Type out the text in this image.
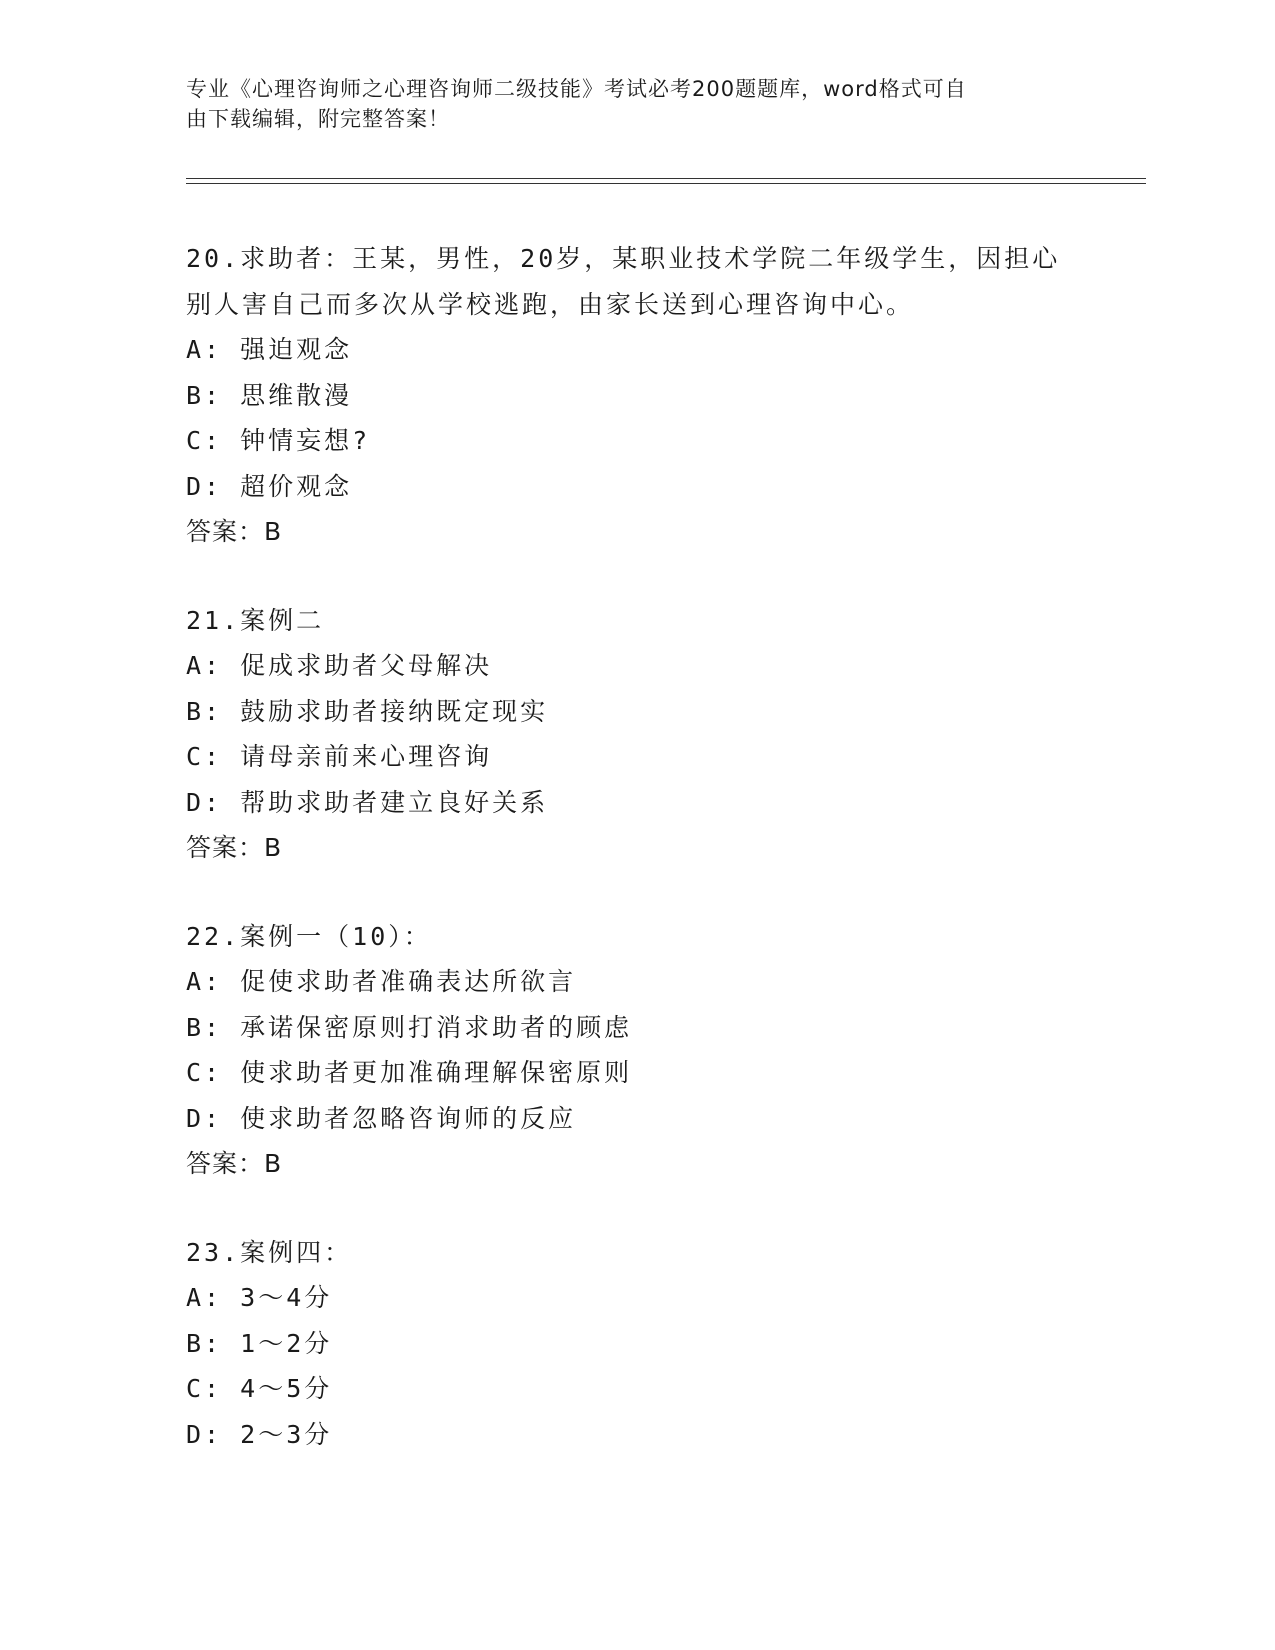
专业《心理咨询师之心理咨询师二级技能》考试必考200题题库，word格式可自

由下载编辑，附完整答案！

20.求助者：王某，男性，20岁，某职业技术学院二年级学生，因担心
别人害自己而多次从学校逃跑，由家长送到心理咨询中心。
A: 强迫观念
B: 思维散漫
C: 钟情妄想?
D: 超价观念
答案：B
21.案例二
A: 促成求助者父母解决
B: 鼓励求助者接纳既定现实
C: 请母亲前来心理咨询
D: 帮助求助者建立良好关系
答案：B
22.案例一（10）：
A: 促使求助者准确表达所欲言
B: 承诺保密原则打消求助者的顾虑
C: 使求助者更加准确理解保密原则
D: 使求助者忽略咨询师的反应
答案：B
23.案例四：
A: 3～4分
B: 1～2分
C: 4～5分
D: 2～3分
